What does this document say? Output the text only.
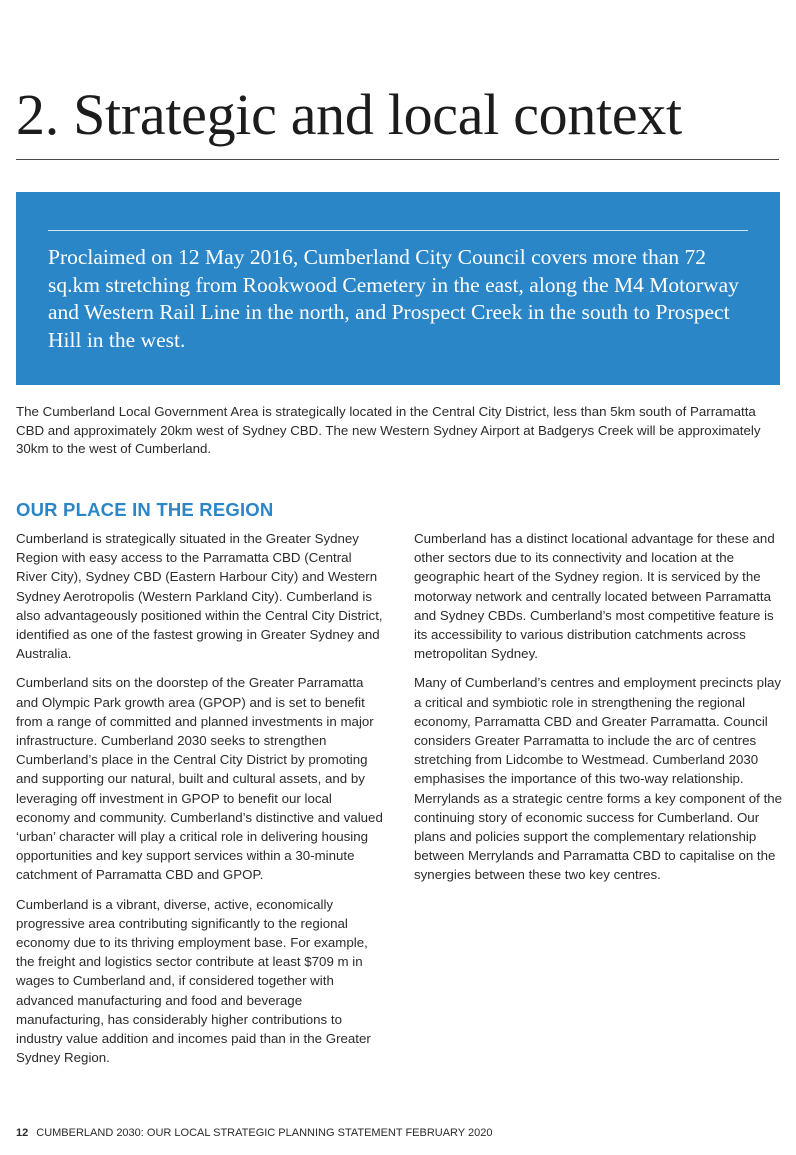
2. Strategic and local context

Proclaimed on 12 May 2016, Cumberland City Council covers more than 72 sq.km stretching from Rookwood Cemetery in the east, along the M4 Motorway and Western Rail Line in the north, and Prospect Creek in the south to Prospect Hill in the west.

The Cumberland Local Government Area is strategically located in the Central City District, less than 5km south of Parramatta CBD and approximately 20km west of Sydney CBD. The new Western Sydney Airport at Badgerys Creek will be approximately 30km to the west of Cumberland.

OUR PLACE IN THE REGION

Cumberland is strategically situated in the Greater Sydney Region with easy access to the Parramatta CBD (Central River City), Sydney CBD (Eastern Harbour City) and Western Sydney Aerotropolis (Western Parkland City). Cumberland is also advantageously positioned within the Central City District, identified as one of the fastest growing in Greater Sydney and Australia.

Cumberland sits on the doorstep of the Greater Parramatta and Olympic Park growth area (GPOP) and is set to benefit from a range of committed and planned investments in major infrastructure. Cumberland 2030 seeks to strengthen Cumberland’s place in the Central City District by promoting and supporting our natural, built and cultural assets, and by leveraging off investment in GPOP to benefit our local economy and community. Cumberland’s distinctive and valued ‘urban’ character will play a critical role in delivering housing opportunities and key support services within a 30-minute catchment of Parramatta CBD and GPOP.

Cumberland is a vibrant, diverse, active, economically progressive area contributing significantly to the regional economy due to its thriving employment base. For example, the freight and logistics sector contribute at least $709 m in wages to Cumberland and, if considered together with advanced manufacturing and food and beverage manufacturing, has considerably higher contributions to industry value addition and incomes paid than in the Greater Sydney Region.

Cumberland has a distinct locational advantage for these and other sectors due to its connectivity and location at the geographic heart of the Sydney region. It is serviced by the motorway network and centrally located between Parramatta and Sydney CBDs. Cumberland’s most competitive feature is its accessibility to various distribution catchments across metropolitan Sydney.

Many of Cumberland’s centres and employment precincts play a critical and symbiotic role in strengthening the regional economy, Parramatta CBD and Greater Parramatta. Council considers Greater Parramatta to include the arc of centres stretching from Lidcombe to Westmead. Cumberland 2030 emphasises the importance of this two-way relationship. Merrylands as a strategic centre forms a key component of the continuing story of economic success for Cumberland. Our plans and policies support the complementary relationship between Merrylands and Parramatta CBD to capitalise on the synergies between these two key centres.

12 CUMBERLAND 2030: OUR LOCAL STRATEGIC PLANNING STATEMENT FEBRUARY 2020
